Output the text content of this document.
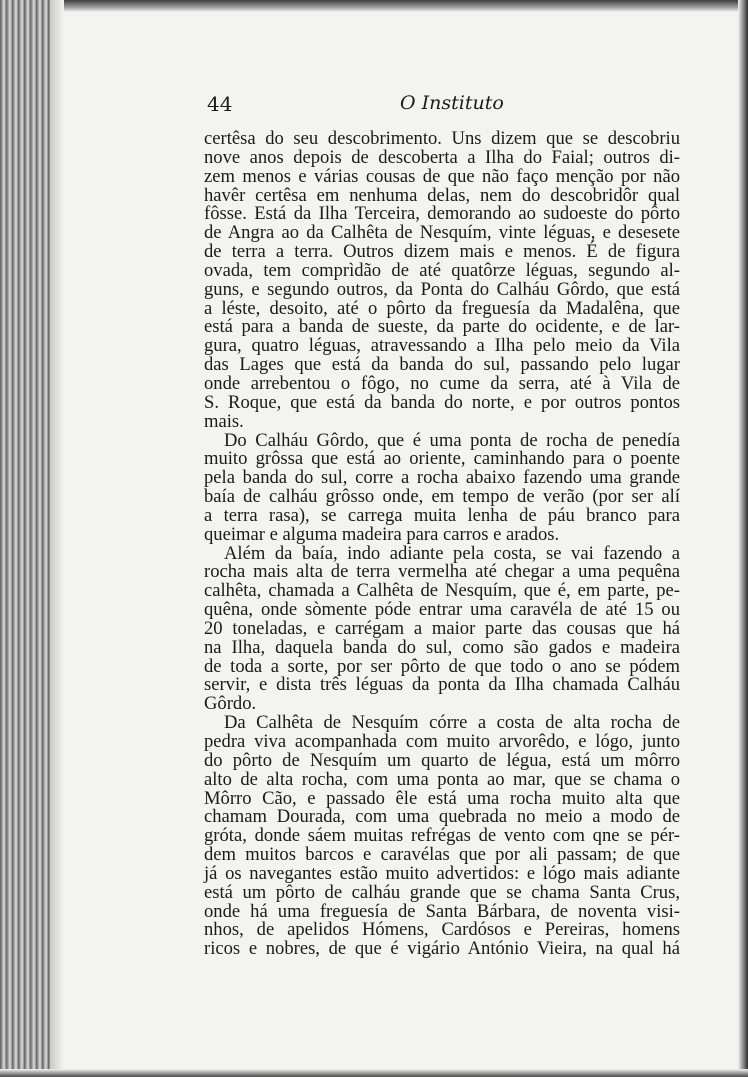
44	O Instituto
certêsa do seu descobrimento. Uns dizem que se descobriu
nove anos depois de descoberta a Ilha do Faial; outros di-
zem menos e várias cousas de que não faço menção por não
havêr certêsa em nenhuma delas, nem do descobridôr qual
fôsse. Está da Ilha Terceira, demorando ao sudoeste do pôrto
de Angra ao da Calhêta de Nesquím, vinte léguas, e desesete
de terra a terra. Outros dizem mais e menos. É de figura
ovada, tem comprìdão de até quatôrze léguas, segundo al-
guns, e segundo outros, da Ponta do Calháu Gôrdo, que está
a léste, desoito, até o pôrto da freguesía da Madalêna, que
está para a banda de sueste, da parte do ocidente, e de lar-
gura, quatro léguas, atravessando a Ilha pelo meio da Vila
das Lages que está da banda do sul, passando pelo lugar
onde arrebentou o fôgo, no cume da serra, até à Vila de
S. Roque, que está da banda do norte, e por outros pontos
mais.
Do Calháu Gôrdo, que é uma ponta de rocha de penedía
muito grôssa que está ao oriente, caminhando para o poente
pela banda do sul, corre a rocha abaixo fazendo uma grande
baía de calháu grôsso onde, em tempo de verão (por ser alí
a terra rasa), se carrega muita lenha de páu branco para
queimar e alguma madeira para carros e arados.
Além da baía, indo adiante pela costa, se vai fazendo a
rocha mais alta de terra vermelha até chegar a uma pequêna
calhêta, chamada a Calhêta de Nesquím, que é, em parte, pe-
quêna, onde sòmente póde entrar uma caravéla de até 15 ou
20 toneladas, e carrégam a maior parte das cousas que há
na Ilha, daquela banda do sul, como são gados e madeira
de toda a sorte, por ser pôrto de que todo o ano se pódem
servir, e dista três léguas da ponta da Ilha chamada Calháu
Gôrdo.
Da Calhêta de Nesquím córre a costa de alta rocha de
pedra viva acompanhada com muito arvorêdo, e lógo, junto
do pôrto de Nesquím um quarto de légua, está um môrro
alto de alta rocha, com uma ponta ao mar, que se chama o
Môrro Cão, e passado êle está uma rocha muito alta que
chamam Dourada, com uma quebrada no meio a modo de
gróta, donde sáem muitas refrégas de vento com qne se pér-
dem muitos barcos e caravélas que por ali passam; de que
já os navegantes estão muito advertidos: e lógo mais adiante
está um pôrto de calháu grande que se chama Santa Crus,
onde há uma freguesía de Santa Bárbara, de noventa visi-
nhos, de apelidos Hómens, Cardósos e Pereiras, homens
ricos e nobres, de que é vigário António Vieira, na qual há
